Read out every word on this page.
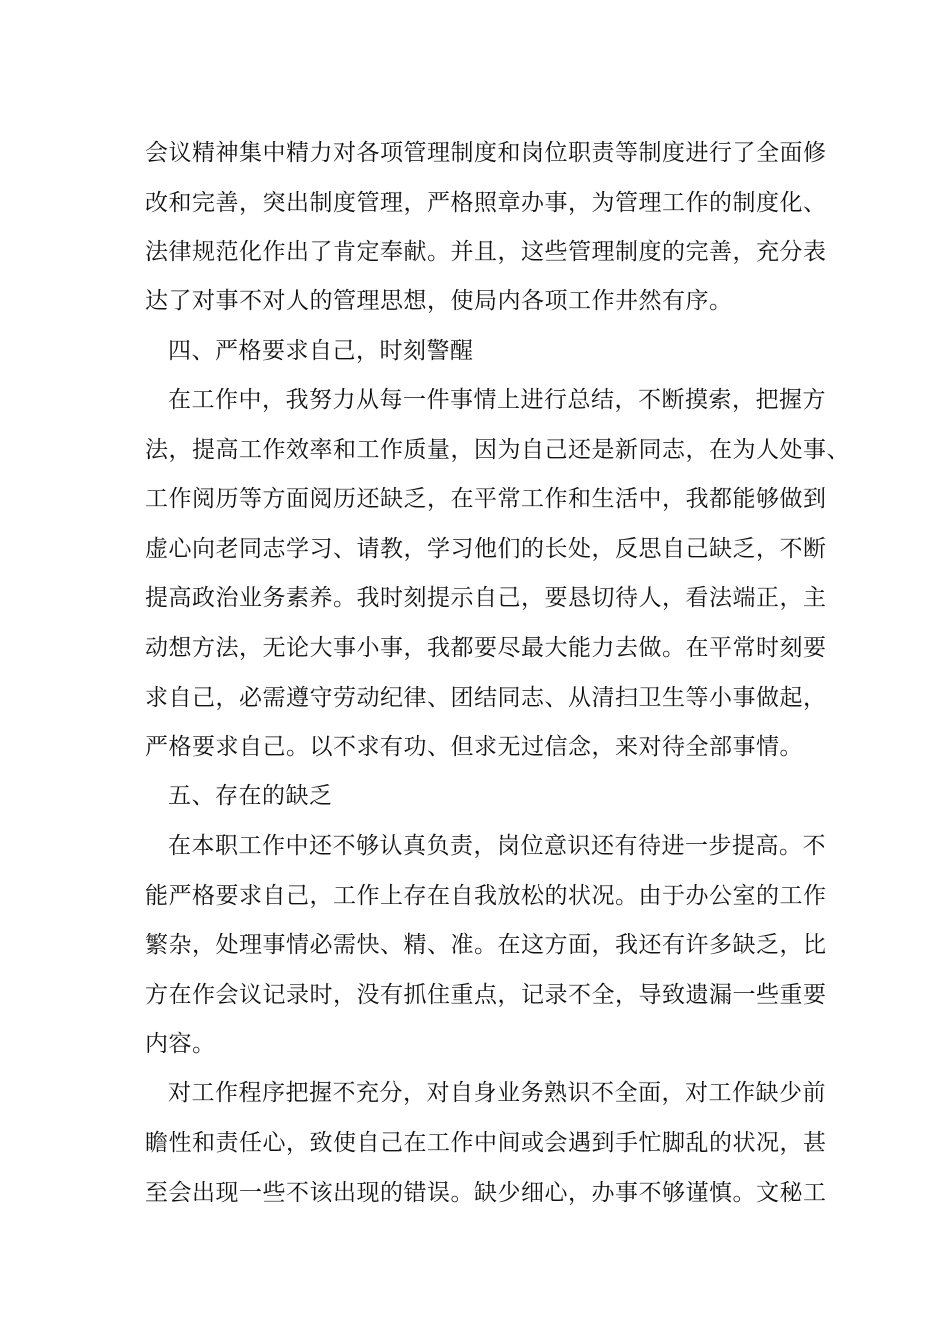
会议精神集中精力对各项管理制度和岗位职责等制度进行了全面修
改和完善，突出制度管理，严格照章办事，为管理工作的制度化、
法律规范化作出了肯定奉献。并且，这些管理制度的完善，充分表
达了对事不对人的管理思想，使局内各项工作井然有序。
四、严格要求自己，时刻警醒
在工作中，我努力从每一件事情上进行总结，不断摸索，把握方
法，提高工作效率和工作质量，因为自己还是新同志，在为人处事、
工作阅历等方面阅历还缺乏，在平常工作和生活中，我都能够做到
虚心向老同志学习、请教，学习他们的长处，反思自己缺乏，不断
提高政治业务素养。我时刻提示自己，要恳切待人，看法端正，主
动想方法，无论大事小事，我都要尽最大能力去做。在平常时刻要
求自己，必需遵守劳动纪律、团结同志、从清扫卫生等小事做起，
严格要求自己。以不求有功、但求无过信念，来对待全部事情。
五、存在的缺乏
在本职工作中还不够认真负责，岗位意识还有待进一步提高。不
能严格要求自己，工作上存在自我放松的状况。由于办公室的工作
繁杂，处理事情必需快、精、准。在这方面，我还有许多缺乏，比
方在作会议记录时，没有抓住重点，记录不全，导致遗漏一些重要
内容。
对工作程序把握不充分，对自身业务熟识不全面，对工作缺少前
瞻性和责任心，致使自己在工作中间或会遇到手忙脚乱的状况，甚
至会出现一些不该出现的错误。缺少细心，办事不够谨慎。文秘工
